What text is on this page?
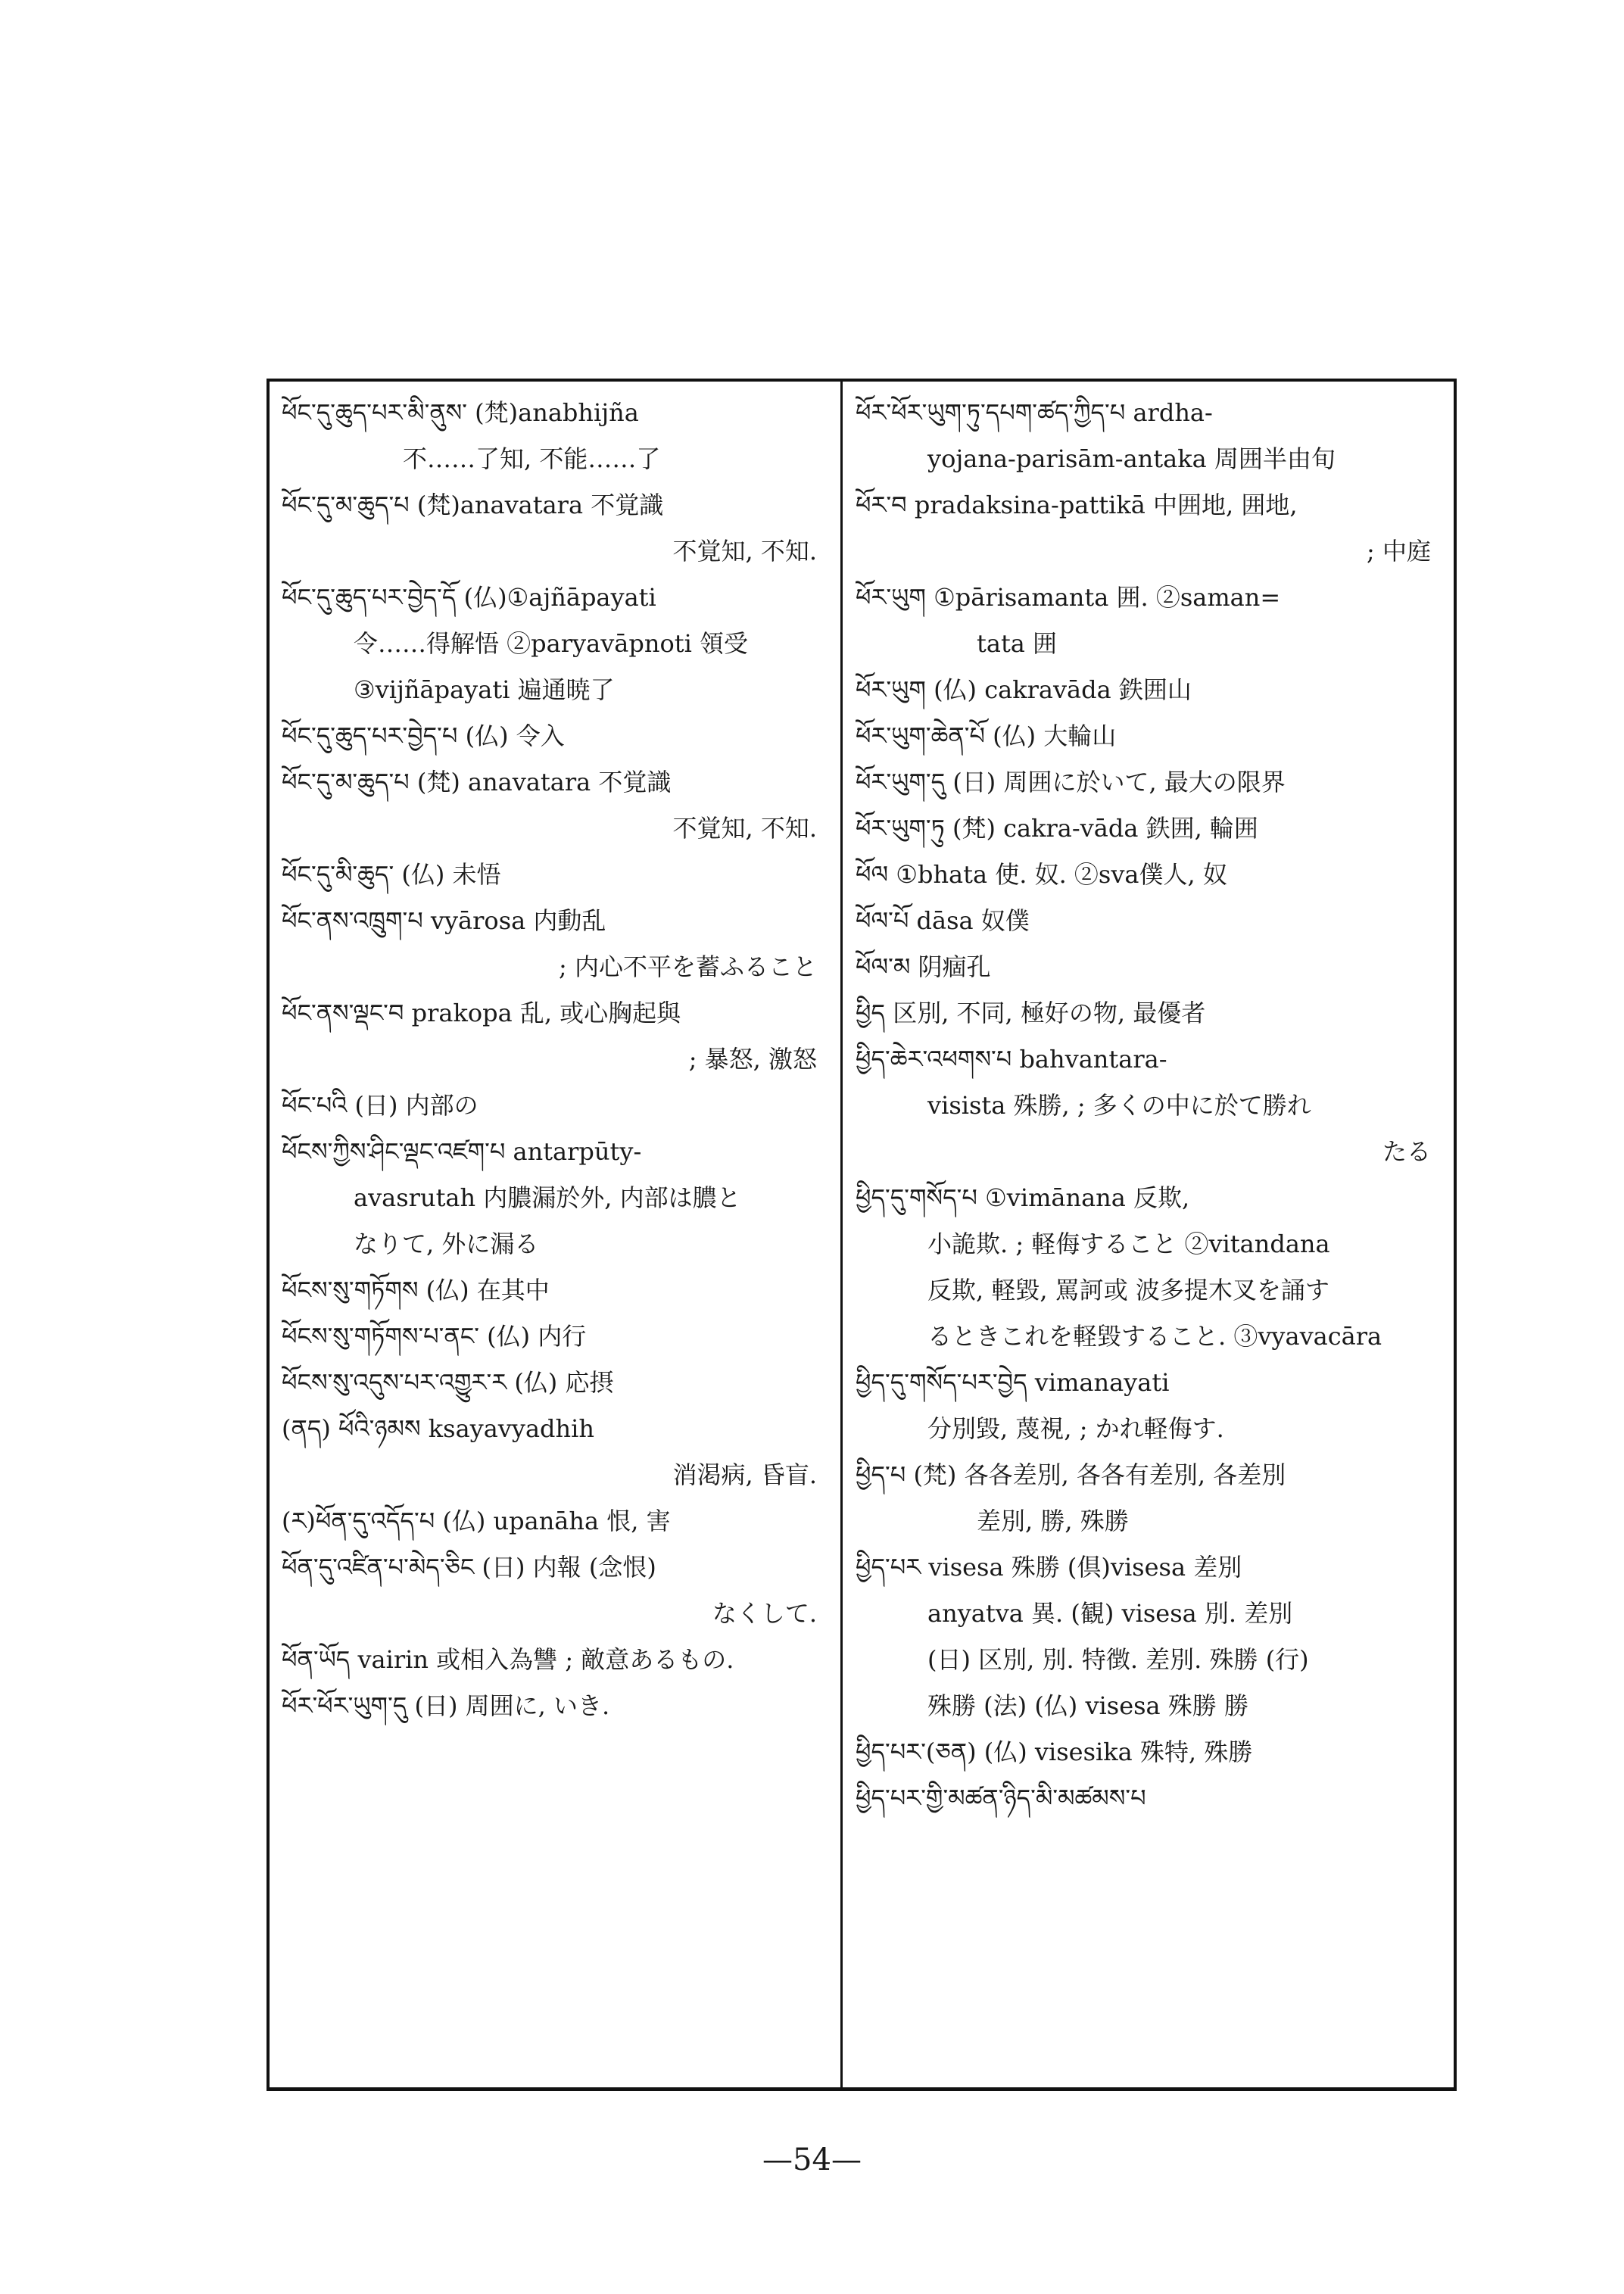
ཕོང་དུ་ཆུད་པར་མི་ནུས་ (梵)anabhijña
不……了知, 不能……了
ཕོང་དུ་མ་ཆུད་པ (梵)anavatara 不覚識
不覚知, 不知.
ཕོང་དུ་ཆུད་པར་བྱེད་དོ (仏)①ajñāpayati
令……得解悟 ②paryavāpnoti 領受
③vijñāpayati 遍通暁了
ཕོང་དུ་ཆུད་པར་བྱེད་པ (仏) 令入
ཕོང་དུ་མ་ཆུད་པ (梵) anavatara 不覚識
不覚知, 不知.
ཕོང་དུ་མི་ཆུད་ (仏) 未悟
ཕོང་ནས་འཁྲུག་པ vyārosa 内動乱
; 内心不平を蓄ふること
ཕོང་ནས་ལྡང་བ prakopa 乱, 或心胸起與
; 暴怒, 激怒
ཕོང་པའི (日) 内部の
ཕོངས་ཀྱིས་ཤིང་ལྡང་འཛག་པ antarpūty-
avasrutah 内膿漏於外, 内部は膿と
なりて, 外に漏る
ཕོངས་སུ་གཏོགས (仏) 在其中
ཕོངས་སུ་གཏོགས་པ་ནང་ (仏) 内行
ཕོངས་སུ་འདུས་པར་འགྱུར་ར (仏) 応摂
(ནད) ཕོའི་ཉམས ksayavyadhih
消渇病, 昏盲.
(ར)ཕོན་དུ་འདོད་པ (仏) upanāha 恨, 害
ཕོན་དུ་འཛིན་པ་མེད་ཅིང (日) 内報 (念恨)
なくして.
ཕོན་ཡོད vairin 或相入為讐 ; 敵意あるもの.
ཕོར་ཕོར་ཡུག་དུ (日) 周囲に, いき.
ཕོར་ཕོར་ཡུག་ཏུ་དཔག་ཚད་ཀྱིད་པ ardha-
yojana-parisām-antaka 周囲半由旬
ཕོར་བ pradaksina-pattikā 中囲地, 囲地,
; 中庭
ཕོར་ཡུག ①pārisamanta 囲. ②saman=
tata 囲
ཕོར་ཡུག (仏) cakravāda 鉄囲山
ཕོར་ཡུག་ཆེན་པོ (仏) 大輪山
ཕོར་ཡུག་དུ (日) 周囲に於いて, 最大の限界
ཕོར་ཡུག་ཏུ (梵) cakra-vāda 鉄囲, 輪囲
ཕོལ ①bhata 使. 奴. ②sva僕人, 奴
ཕོལ་པོ dāsa 奴僕
ཕོལ་མ 阴痼孔
ཕྱིད 区別, 不同, 極好の物, 最優者
ཕྱིད་ཆེར་འཕགས་པ bahvantara-
visista 殊勝, ; 多くの中に於て勝れ
たる
ཕྱིད་དུ་གསོད་པ ①vimānana 反欺,
小詭欺. ; 軽侮すること ②vitandana
反欺, 軽毀, 罵訶或 波多提木叉を誦す
るときこれを軽毀すること. ③vyavacāra
ཕྱིད་དུ་གསོད་པར་བྱེད vimanayati
分別毀, 蔑視, ; かれ軽侮す.
ཕྱིད་པ (梵) 各各差別, 各各有差別, 各差別
差別, 勝, 殊勝
ཕྱིད་པར visesa 殊勝 (倶)visesa 差別
anyatva 異. (観) visesa 別. 差別
(日) 区別, 別. 特徴. 差別. 殊勝 (行)
殊勝 (法) (仏) visesa 殊勝 勝
ཕྱིད་པར་(ཅན) (仏) visesika 殊特, 殊勝
ཕྱིད་པར་གྱི་མཚན་ཉིད་མི་མཚམས་པ
—54—
